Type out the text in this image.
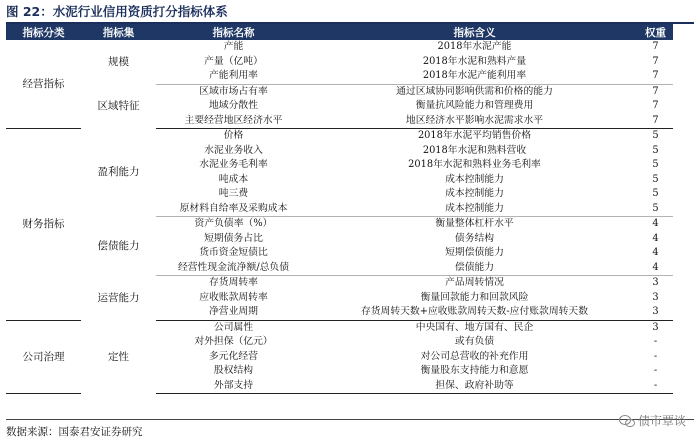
图 22：水泥行业信用资质打分指标体系
指标分类	指标集	指标名称	指标含义	权重
经营指标	规模	产能	2018年水泥产能	7
		产量（亿吨）	2018年水泥和熟料产量	7
		产能利用率	2018年水泥产能利用率	7
	区域特征	区域市场占有率	通过区域协同影响供需和价格的能力	7
		地域分散性	衡量抗风险能力和管理费用	7
		主要经营地区经济水平	地区经济水平影响水泥需求水平	7
财务指标	盈利能力	价格	2018年水泥平均销售价格	5
		水泥业务收入	2018年水泥和熟料营收	5
		水泥业务毛利率	2018年水泥和熟料业务毛利率	5
		吨成本	成本控制能力	5
		吨三费	成本控制能力	5
		原材料自给率及采购成本	成本控制能力	5
	偿债能力	资产负债率（%）	衡量整体杠杆水平	4
		短期债务占比	债务结构	4
		货币资金短债比	短期偿债能力	4
		经营性现金流净额/总负债	偿债能力	4
	运营能力	存货周转率	产品周转情况	3
		应收账款周转率	衡量回款能力和回款风险	3
		净营业周期	存货周转天数+应收账款周转天数-应付账款周转天数	3
公司治理	定性	公司属性	中央国有、地方国有、民企	3
		对外担保（亿元）	或有负债	-
		多元化经营	对公司总营收的补充作用	-
		股权结构	衡量股东支持能力和意愿	-
		外部支持	担保、政府补助等	-
数据来源：国泰君安证券研究
债市覃谈
